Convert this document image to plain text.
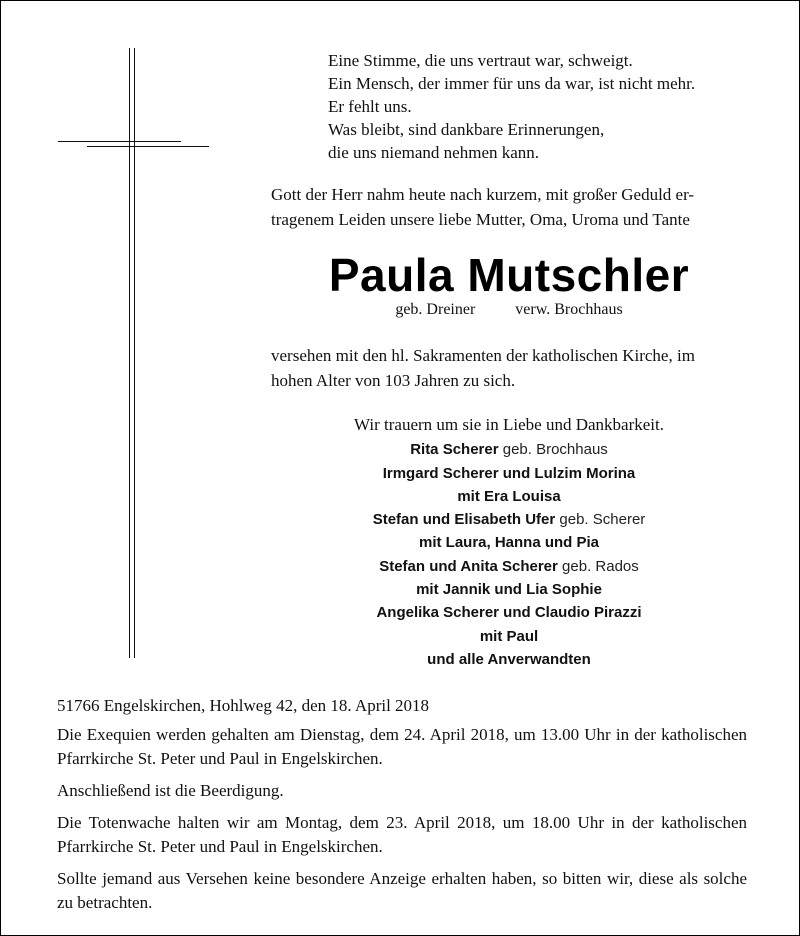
Eine Stimme, die uns vertraut war, schweigt.
Ein Mensch, der immer für uns da war, ist nicht mehr.
Er fehlt uns.
Was bleibt, sind dankbare Erinnerungen,
die uns niemand nehmen kann.
Gott der Herr nahm heute nach kurzem, mit großer Geduld er-
tragenem Leiden unsere liebe Mutter, Oma, Uroma und Tante
Paula Mutschler
geb. Dreiner	verw. Brochhaus
versehen mit den hl. Sakramenten der katholischen Kirche, im
hohen Alter von 103 Jahren zu sich.
Wir trauern um sie in Liebe und Dankbarkeit.
Rita Scherer geb. Brochhaus
Irmgard Scherer und Lulzim Morina
mit Era Louisa
Stefan und Elisabeth Ufer geb. Scherer
mit Laura, Hanna und Pia
Stefan und Anita Scherer geb. Rados
mit Jannik und Lia Sophie
Angelika Scherer und Claudio Pirazzi
mit Paul
und alle Anverwandten

51766 Engelskirchen, Hohlweg 42, den 18. April 2018

Die Exequien werden gehalten am Dienstag, dem 24. April 2018, um 13.00 Uhr in der katholischen Pfarrkirche St. Peter und Paul in Engelskirchen.

Anschließend ist die Beerdigung.

Die Totenwache halten wir am Montag, dem 23. April 2018, um 18.00 Uhr in der katholischen Pfarrkirche St. Peter und Paul in Engelskirchen.

Sollte jemand aus Versehen keine besondere Anzeige erhalten haben, so bitten wir, diese als solche zu betrachten.
